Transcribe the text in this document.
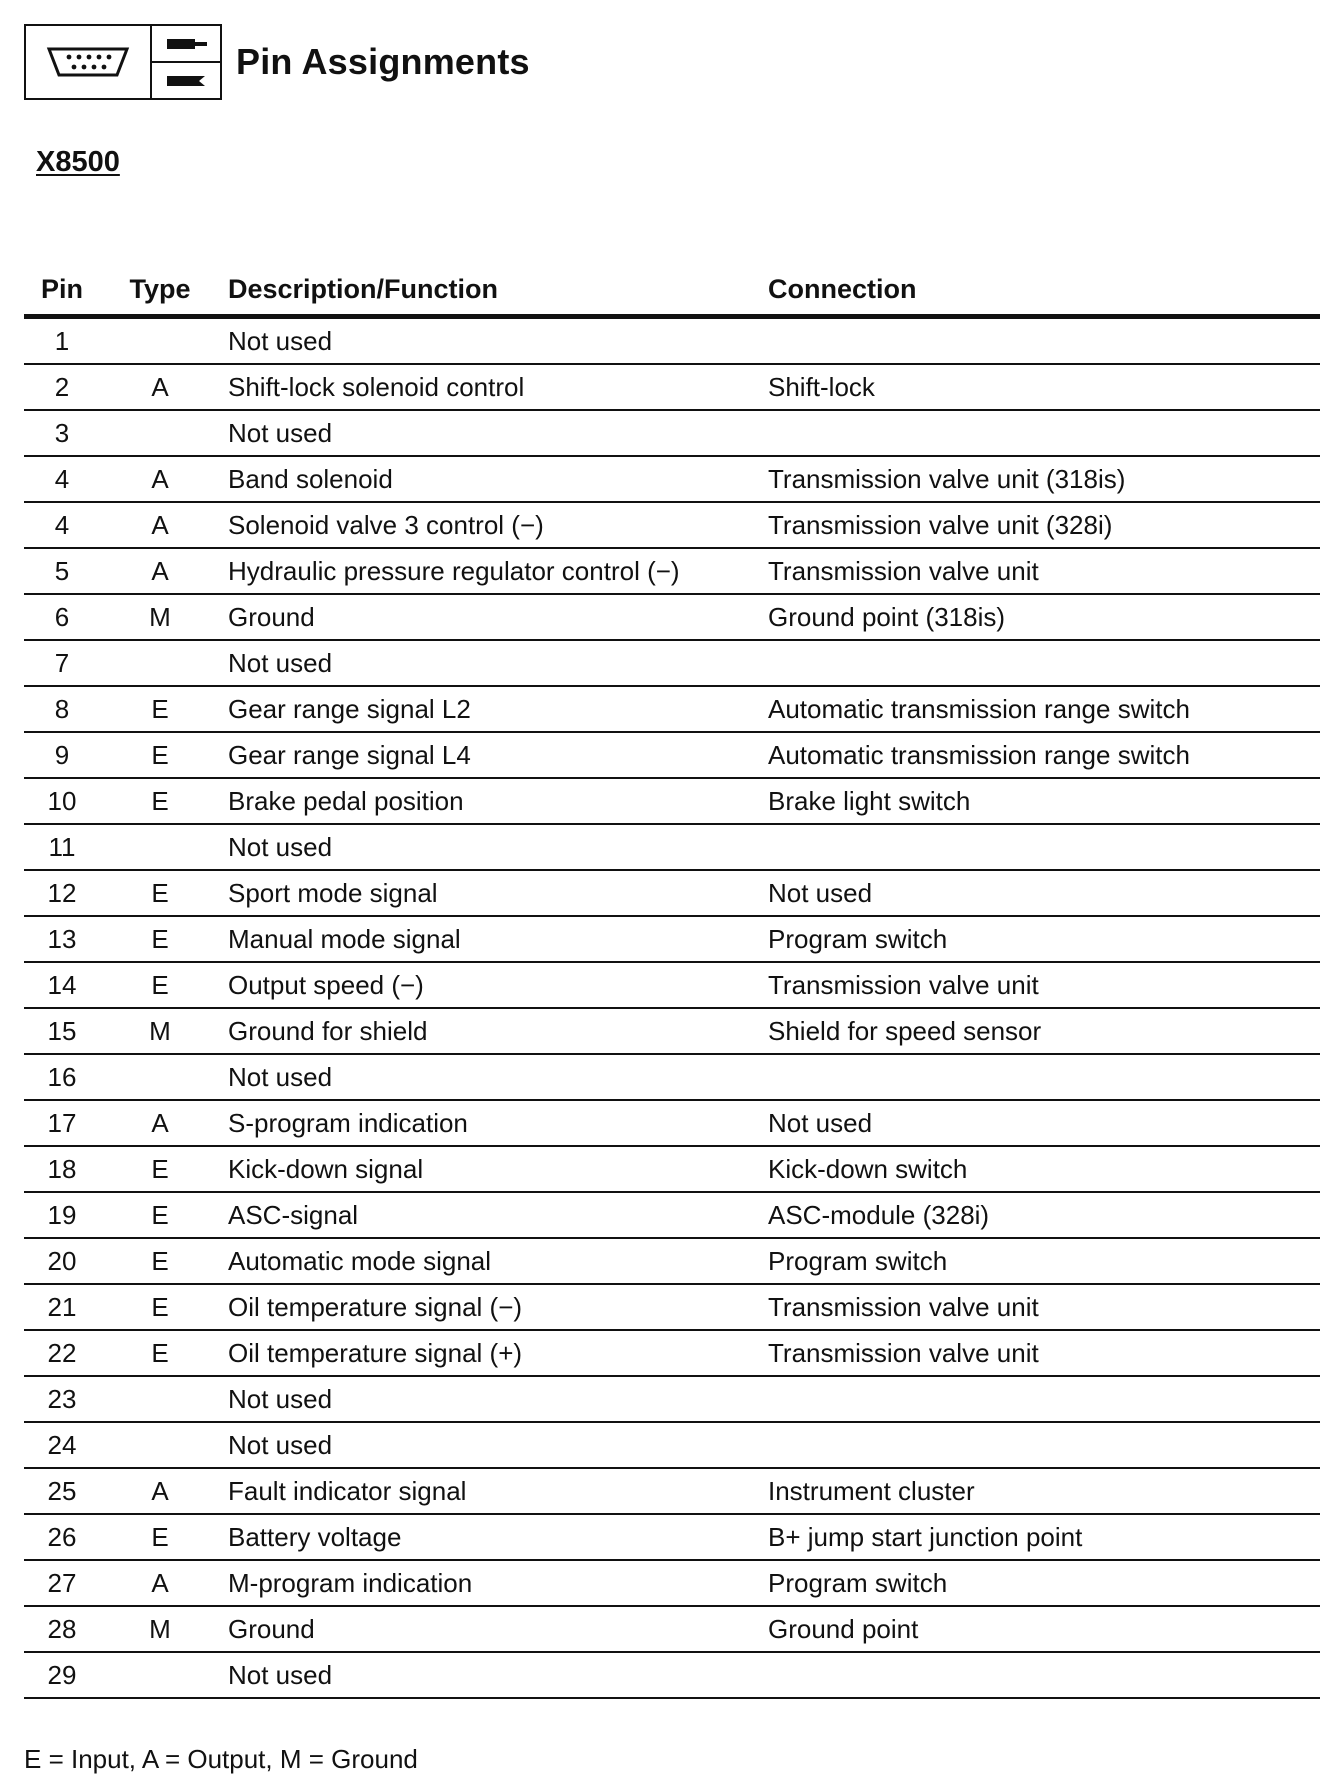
Pin Assignments
X8500
Pin	Type	Description/Function	Connection
1		Not used	
2	A	Shift-lock solenoid control	Shift-lock
3		Not used	
4	A	Band solenoid	Transmission valve unit (318is)
4	A	Solenoid valve 3 control (−)	Transmission valve unit (328i)
5	A	Hydraulic pressure regulator control (−)	Transmission valve unit
6	M	Ground	Ground point (318is)
7		Not used	
8	E	Gear range signal L2	Automatic transmission range switch
9	E	Gear range signal L4	Automatic transmission range switch
10	E	Brake pedal position	Brake light switch
11		Not used	
12	E	Sport mode signal	Not used
13	E	Manual mode signal	Program switch
14	E	Output speed (−)	Transmission valve unit
15	M	Ground for shield	Shield for speed sensor
16		Not used	
17	A	S-program indication	Not used
18	E	Kick-down signal	Kick-down switch
19	E	ASC-signal	ASC-module (328i)
20	E	Automatic mode signal	Program switch
21	E	Oil temperature signal (−)	Transmission valve unit
22	E	Oil temperature signal (+)	Transmission valve unit
23		Not used	
24		Not used	
25	A	Fault indicator signal	Instrument cluster
26	E	Battery voltage	B+ jump start junction point
27	A	M-program indication	Program switch
28	M	Ground	Ground point
29		Not used	
E = Input, A = Output, M = Ground
